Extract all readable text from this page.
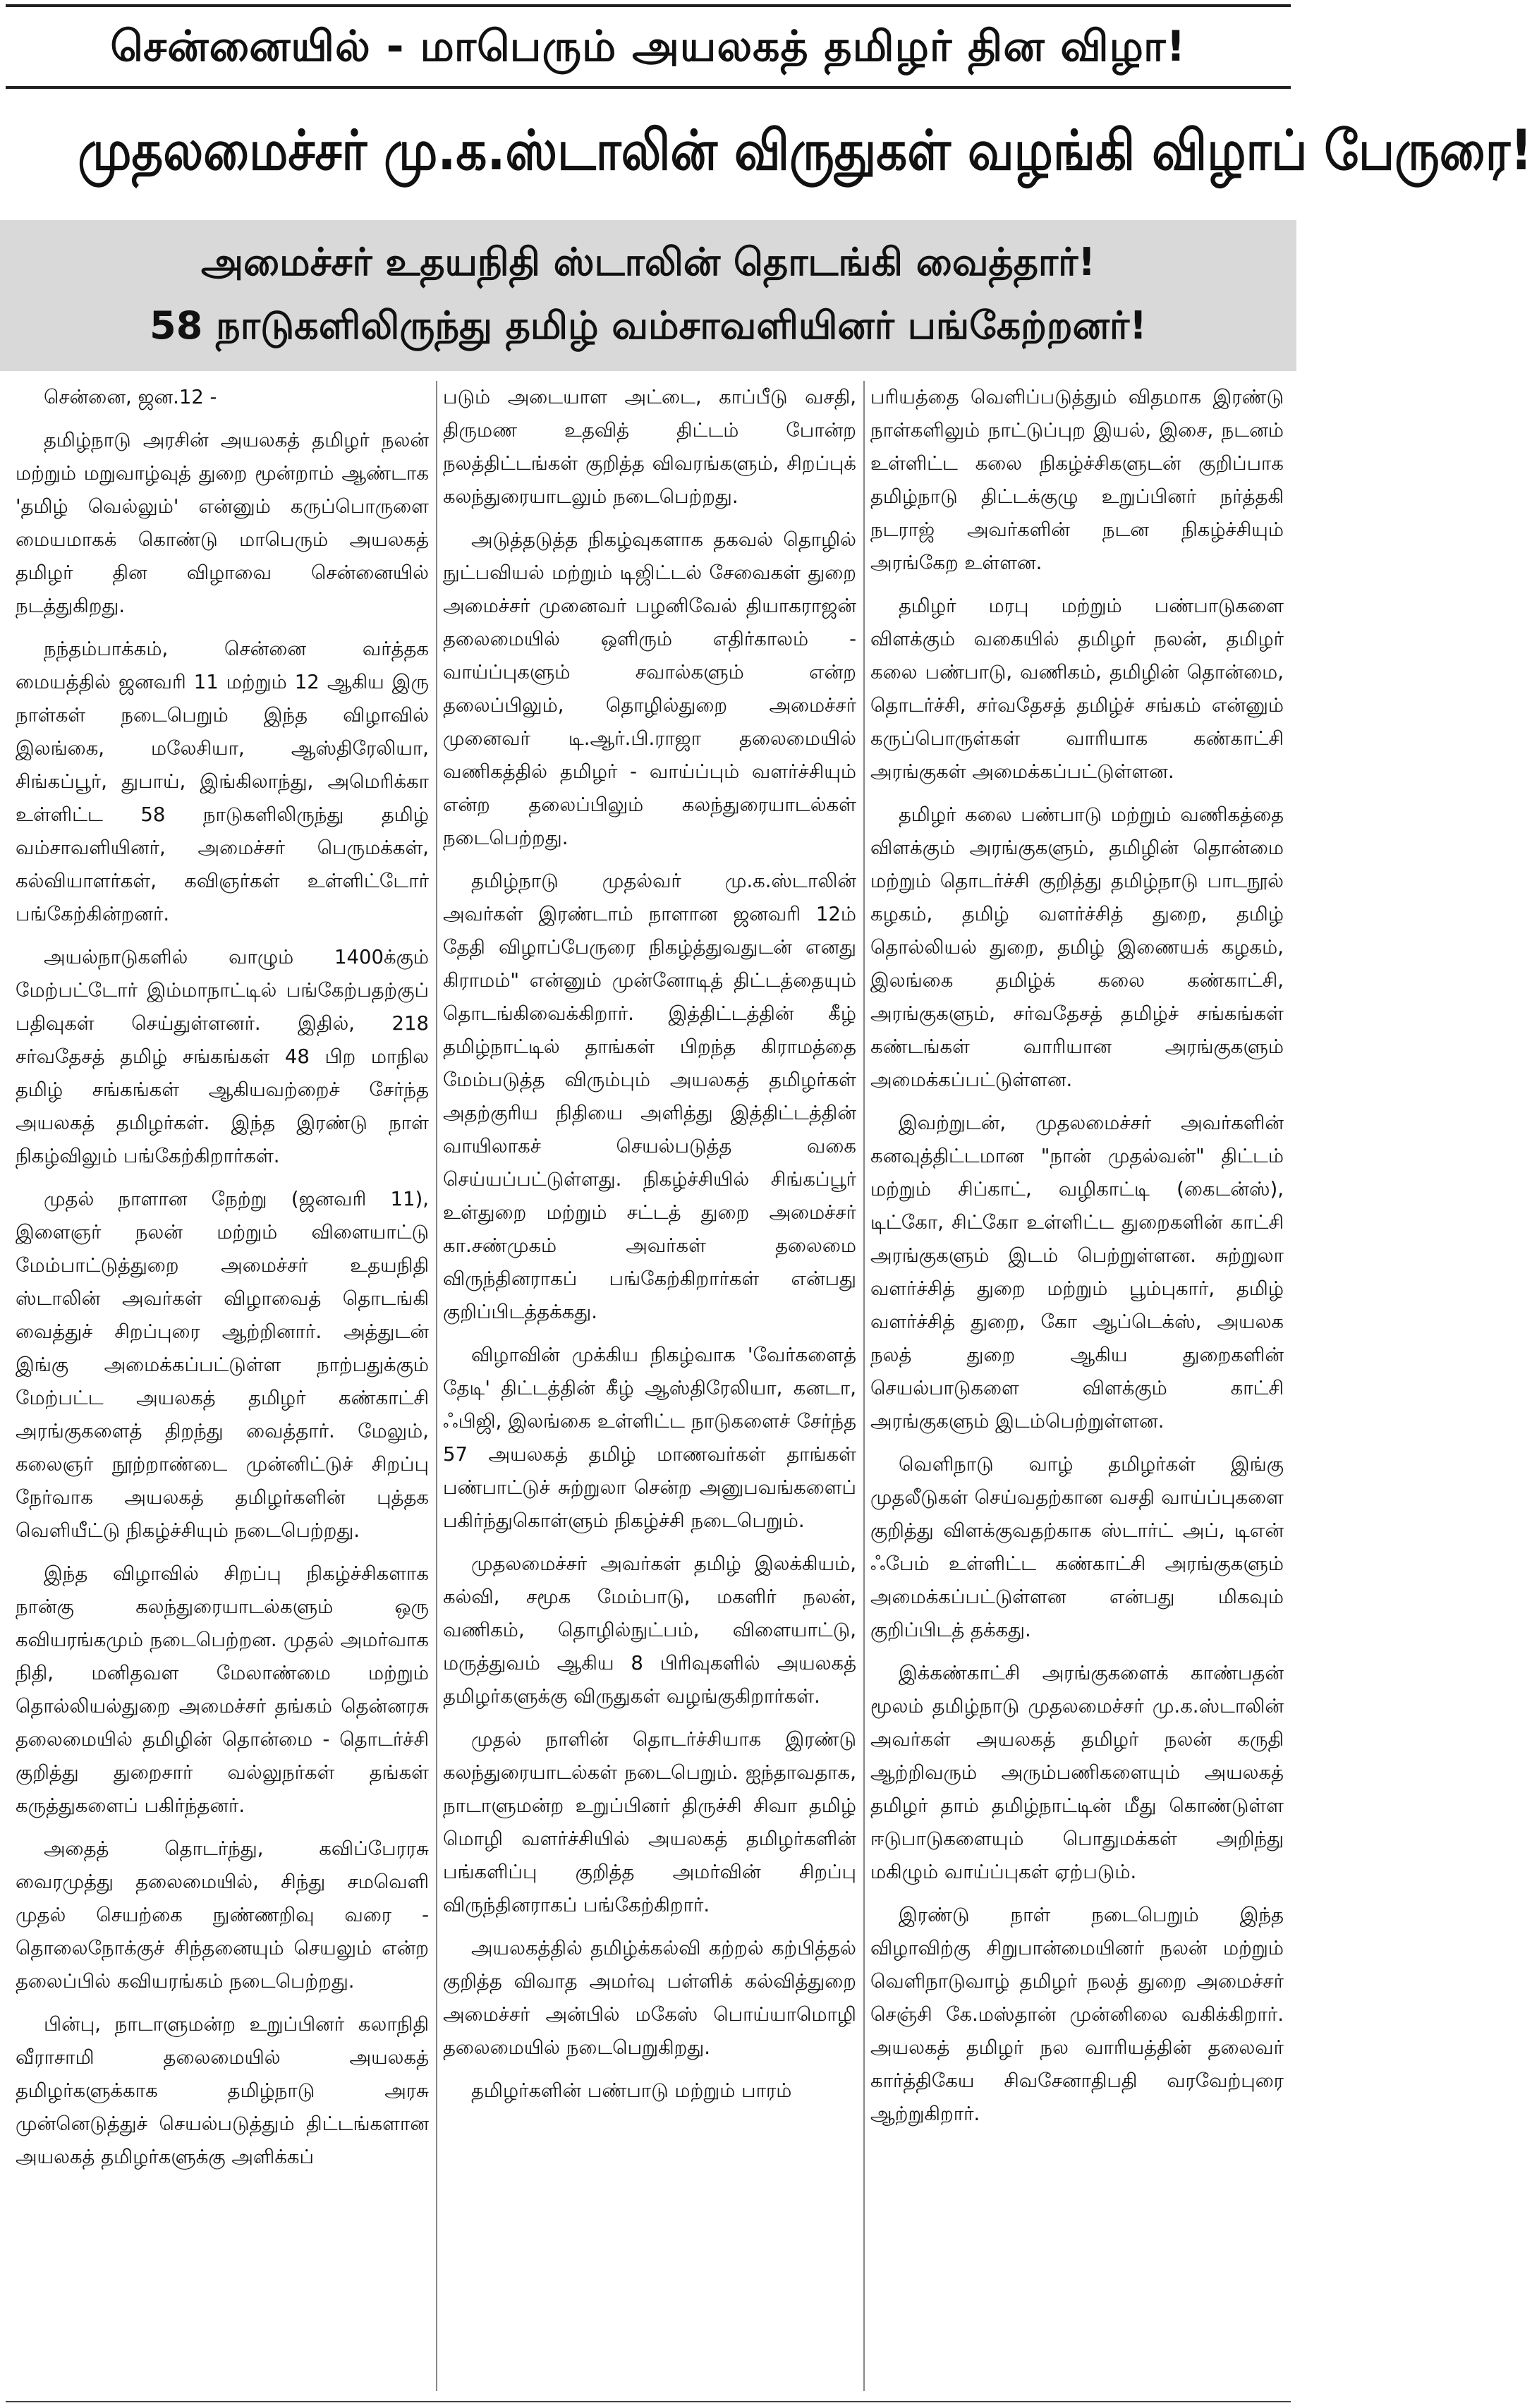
சென்னையில் - மாபெரும் அயலகத் தமிழர் தின விழா!
முதலமைச்சர் மு.க.ஸ்டாலின் விருதுகள் வழங்கி விழாப் பேருரை!
அமைச்சர் உதயநிதி ஸ்டாலின் தொடங்கி வைத்தார்!
58 நாடுகளிலிருந்து தமிழ் வம்சாவளியினர் பங்கேற்றனர்!

சென்னை, ஜன.12 -

தமிழ்நாடு அரசின் அயலகத் தமிழர் நலன் மற்றும் மறுவாழ்வுத் துறை மூன்றாம் ஆண்டாக 'தமிழ் வெல்லும்' என்னும் கருப்பொருளை மையமாகக் கொண்டு மாபெரும் அயலகத் தமிழர் தின விழாவை சென்னையில் நடத்துகிறது.

நந்தம்பாக்கம், சென்னை வர்த்தக மையத்தில் ஜனவரி 11 மற்றும் 12 ஆகிய இரு நாள்கள் நடைபெறும் இந்த விழாவில் இலங்கை, மலேசியா, ஆஸ்திரேலியா, சிங்கப்பூர், துபாய், இங்கிலாந்து, அமெரிக்கா உள்ளிட்ட 58 நாடுகளிலிருந்து தமிழ் வம்சாவளியினர், அமைச்சர் பெருமக்கள், கல்வியாளர்கள், கவிஞர்கள் உள்ளிட்டோர் பங்கேற்கின்றனர்.

அயல்நாடுகளில் வாழும் 1400க்கும் மேற்பட்டோர் இம்மாநாட்டில் பங்கேற்பதற்குப் பதிவுகள் செய்துள்ளனர். இதில், 218 சர்வதேசத் தமிழ் சங்கங்கள் 48 பிற மாநில தமிழ் சங்கங்கள் ஆகியவற்றைச் சேர்ந்த அயலகத் தமிழர்கள். இந்த இரண்டு நாள் நிகழ்விலும் பங்கேற்கிறார்கள்.

முதல் நாளான நேற்று (ஜனவரி 11), இளைஞர் நலன் மற்றும் விளையாட்டு மேம்பாட்டுத்துறை அமைச்சர் உதயநிதி ஸ்டாலின் அவர்கள் விழாவைத் தொடங்கி வைத்துச் சிறப்புரை ஆற்றினார். அத்துடன் இங்கு அமைக்கப்பட்டுள்ள நாற்பதுக்கும் மேற்பட்ட அயலகத் தமிழர் கண்காட்சி அரங்குகளைத் திறந்து வைத்தார். மேலும், கலைஞர் நூற்றாண்டை முன்னிட்டுச் சிறப்பு நேர்வாக அயலகத் தமிழர்களின் புத்தக வெளியீட்டு நிகழ்ச்சியும் நடைபெற்றது.

இந்த விழாவில் சிறப்பு நிகழ்ச்சிகளாக நான்கு கலந்துரையாடல்களும் ஒரு கவியரங்கமும் நடைபெற்றன. முதல் அமர்வாக நிதி, மனிதவள மேலாண்மை மற்றும் தொல்லியல்துறை அமைச்சர் தங்கம் தென்னரசு தலைமையில் தமிழின் தொன்மை - தொடர்ச்சி குறித்து துறைசார் வல்லுநர்கள் தங்கள் கருத்துகளைப் பகிர்ந்தனர்.

அதைத் தொடர்ந்து, கவிப்பேரரசு வைரமுத்து தலைமையில், சிந்து சமவெளி முதல் செயற்கை நுண்ணறிவு வரை - தொலைநோக்குச் சிந்தனையும் செயலும் என்ற தலைப்பில் கவியரங்கம் நடைபெற்றது.

பின்பு, நாடாளுமன்ற உறுப்பினர் கலாநிதி வீராசாமி தலைமையில் அயலகத் தமிழர்களுக்காக தமிழ்நாடு அரசு முன்னெடுத்துச் செயல்படுத்தும் திட்டங்களான அயலகத் தமிழர்களுக்கு அளிக்கப்

படும் அடையாள அட்டை, காப்பீடு வசதி, திருமண உதவித் திட்டம் போன்ற நலத்திட்டங்கள் குறித்த விவரங்களும், சிறப்புக் கலந்துரையாடலும் நடைபெற்றது.

அடுத்தடுத்த நிகழ்வுகளாக தகவல் தொழில் நுட்பவியல் மற்றும் டிஜிட்டல் சேவைகள் துறை அமைச்சர் முனைவர் பழனிவேல் தியாகராஜன் தலைமையில் ஒளிரும் எதிர்காலம் - வாய்ப்புகளும் சவால்களும் என்ற தலைப்பிலும், தொழில்துறை அமைச்சர் முனைவர் டி.ஆர்.பி.ராஜா தலைமையில் வணிகத்தில் தமிழர் - வாய்ப்பும் வளர்ச்சியும் என்ற தலைப்பிலும் கலந்துரையாடல்கள் நடைபெற்றது.

தமிழ்நாடு முதல்வர் மு.க.ஸ்டாலின் அவர்கள் இரண்டாம் நாளான ஜனவரி 12ம் தேதி விழாப்பேருரை நிகழ்த்துவதுடன் எனது கிராமம்" என்னும் முன்னோடித் திட்டத்தையும் தொடங்கிவைக்கிறார். இத்திட்டத்தின் கீழ் தமிழ்நாட்டில் தாங்கள் பிறந்த கிராமத்தை மேம்படுத்த விரும்பும் அயலகத் தமிழர்கள் அதற்குரிய நிதியை அளித்து இத்திட்டத்தின் வாயிலாகச் செயல்படுத்த வகை செய்யப்பட்டுள்ளது. நிகழ்ச்சியில் சிங்கப்பூர் உள்துறை மற்றும் சட்டத் துறை அமைச்சர் கா.சண்முகம் அவர்கள் தலைமை விருந்தினராகப் பங்கேற்கிறார்கள் என்பது குறிப்பிடத்தக்கது.

விழாவின் முக்கிய நிகழ்வாக 'வேர்களைத் தேடி' திட்டத்தின் கீழ் ஆஸ்திரேலியா, கனடா, ஃபிஜி, இலங்கை உள்ளிட்ட நாடுகளைச் சேர்ந்த 57 அயலகத் தமிழ் மாணவர்கள் தாங்கள் பண்பாட்டுச் சுற்றுலா சென்ற அனுபவங்களைப் பகிர்ந்துகொள்ளும் நிகழ்ச்சி நடைபெறும்.

முதலமைச்சர் அவர்கள் தமிழ் இலக்கியம், கல்வி, சமூக மேம்பாடு, மகளிர் நலன், வணிகம், தொழில்நுட்பம், விளையாட்டு, மருத்துவம் ஆகிய 8 பிரிவுகளில் அயலகத் தமிழர்களுக்கு விருதுகள் வழங்குகிறார்கள்.

முதல் நாளின் தொடர்ச்சியாக இரண்டு கலந்துரையாடல்கள் நடைபெறும். ஐந்தாவதாக, நாடாளுமன்ற உறுப்பினர் திருச்சி சிவா தமிழ் மொழி வளர்ச்சியில் அயலகத் தமிழர்களின் பங்களிப்பு குறித்த அமர்வின் சிறப்பு விருந்தினராகப் பங்கேற்கிறார்.

அயலகத்தில் தமிழ்க்கல்வி கற்றல் கற்பித்தல் குறித்த விவாத அமர்வு பள்ளிக் கல்வித்துறை அமைச்சர் அன்பில் மகேஸ் பொய்யாமொழி தலைமையில் நடைபெறுகிறது.

தமிழர்களின் பண்பாடு மற்றும் பாரம்

பரியத்தை வெளிப்படுத்தும் விதமாக இரண்டு நாள்களிலும் நாட்டுப்புற இயல், இசை, நடனம் உள்ளிட்ட கலை நிகழ்ச்சிகளுடன் குறிப்பாக தமிழ்நாடு திட்டக்குழு உறுப்பினர் நர்த்தகி நடராஜ் அவர்களின் நடன நிகழ்ச்சியும் அரங்கேற உள்ளன.

தமிழர் மரபு மற்றும் பண்பாடுகளை விளக்கும் வகையில் தமிழர் நலன், தமிழர் கலை பண்பாடு, வணிகம், தமிழின் தொன்மை, தொடர்ச்சி, சர்வதேசத் தமிழ்ச் சங்கம் என்னும் கருப்பொருள்கள் வாரியாக கண்காட்சி அரங்குகள் அமைக்கப்பட்டுள்ளன.

தமிழர் கலை பண்பாடு மற்றும் வணிகத்தை விளக்கும் அரங்குகளும், தமிழின் தொன்மை மற்றும் தொடர்ச்சி குறித்து தமிழ்நாடு பாடநூல் கழகம், தமிழ் வளர்ச்சித் துறை, தமிழ் தொல்லியல் துறை, தமிழ் இணையக் கழகம், இலங்கை தமிழ்க் கலை கண்காட்சி, அரங்குகளும், சர்வதேசத் தமிழ்ச் சங்கங்கள் கண்டங்கள் வாரியான அரங்குகளும் அமைக்கப்பட்டுள்ளன.

இவற்றுடன், முதலமைச்சர் அவர்களின் கனவுத்திட்டமான "நான் முதல்வன்" திட்டம் மற்றும் சிப்காட், வழிகாட்டி (கைடன்ஸ்), டிட்கோ, சிட்கோ உள்ளிட்ட துறைகளின் காட்சி அரங்குகளும் இடம் பெற்றுள்ளன. சுற்றுலா வளர்ச்சித் துறை மற்றும் பூம்புகார், தமிழ் வளர்ச்சித் துறை, கோ ஆப்டெக்ஸ், அயலக நலத் துறை ஆகிய துறைகளின் செயல்பாடுகளை விளக்கும் காட்சி அரங்குகளும் இடம்பெற்றுள்ளன.

வெளிநாடு வாழ் தமிழர்கள் இங்கு முதலீடுகள் செய்வதற்கான வசதி வாய்ப்புகளை குறித்து விளக்குவதற்காக ஸ்டார்ட் அப், டிஎன் ஃபேம் உள்ளிட்ட கண்காட்சி அரங்குகளும் அமைக்கப்பட்டுள்ளன என்பது மிகவும் குறிப்பிடத் தக்கது.

இக்கண்காட்சி அரங்குகளைக் காண்பதன் மூலம் தமிழ்நாடு முதலமைச்சர் மு.க.ஸ்டாலின் அவர்கள் அயலகத் தமிழர் நலன் கருதி ஆற்றிவரும் அரும்பணிகளையும் அயலகத் தமிழர் தாம் தமிழ்நாட்டின் மீது கொண்டுள்ள ஈடுபாடுகளையும் பொதுமக்கள் அறிந்து மகிழும் வாய்ப்புகள் ஏற்படும்.

இரண்டு நாள் நடைபெறும் இந்த விழாவிற்கு சிறுபான்மையினர் நலன் மற்றும் வெளிநாடுவாழ் தமிழர் நலத் துறை அமைச்சர் செஞ்சி கே.மஸ்தான் முன்னிலை வகிக்கிறார். அயலகத் தமிழர் நல வாரியத்தின் தலைவர் கார்த்திகேய சிவசேனாதிபதி வரவேற்புரை ஆற்றுகிறார்.
